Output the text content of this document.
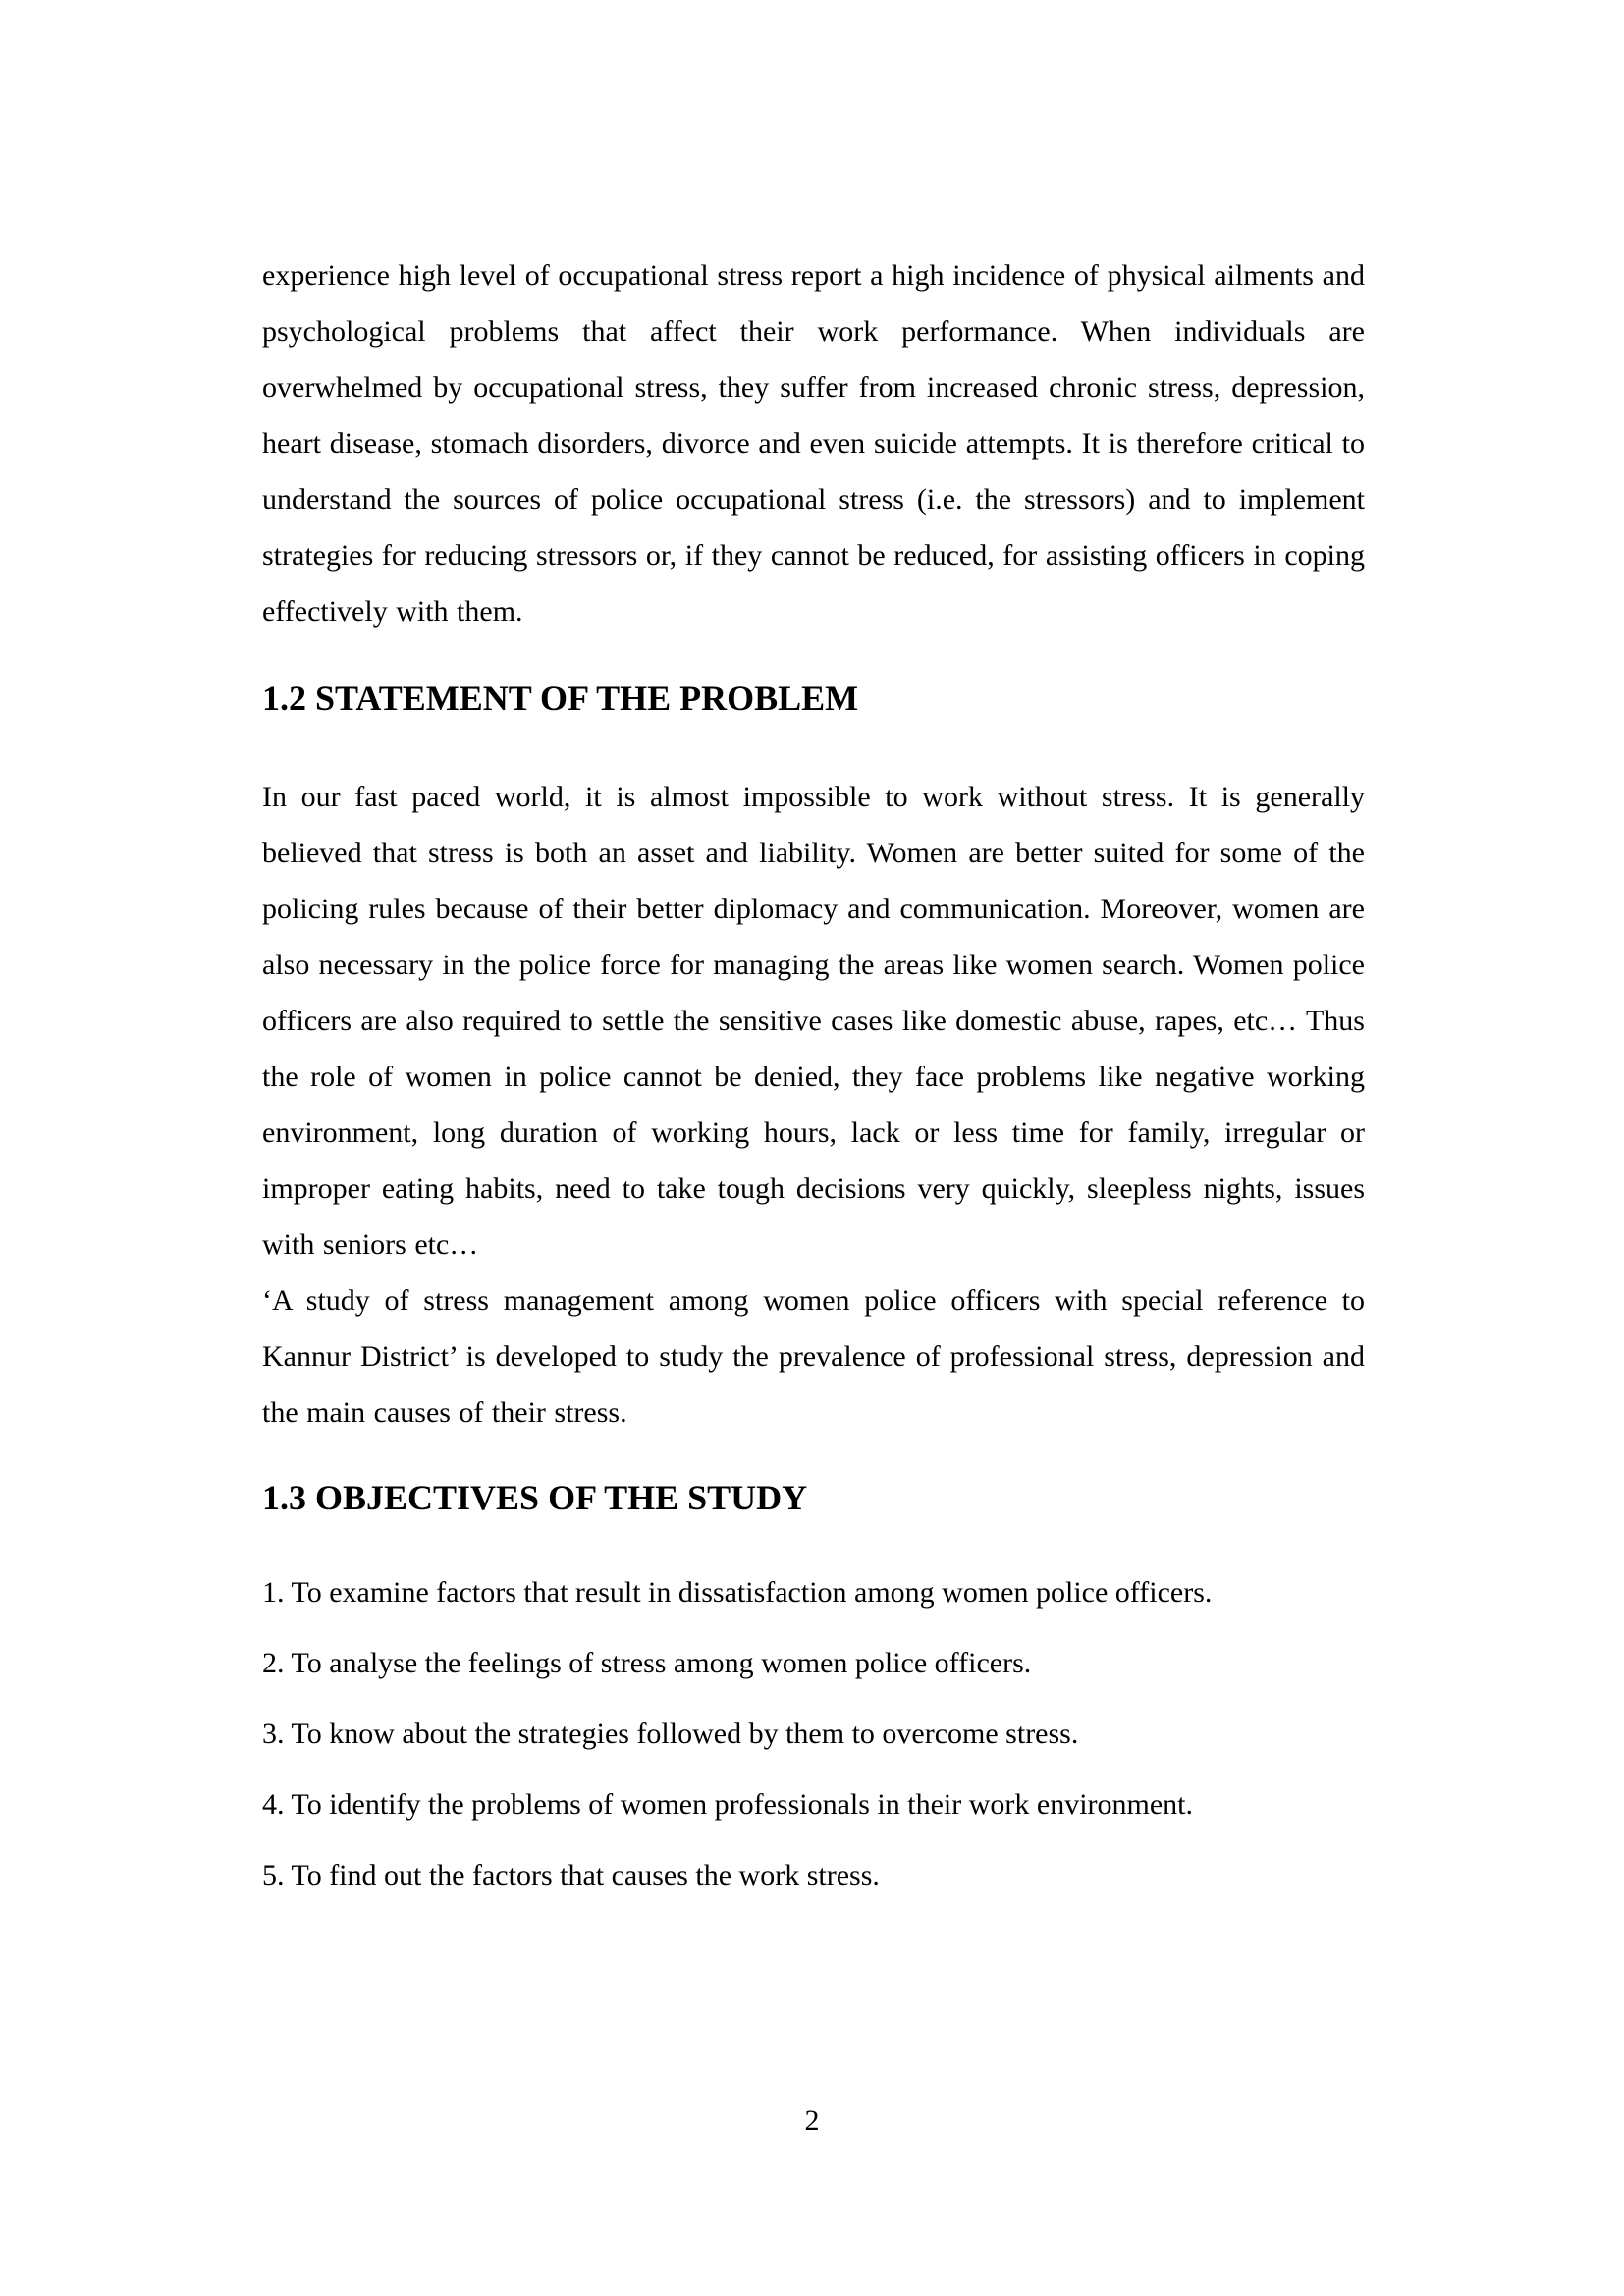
experience high level of occupational stress report a high incidence of physical ailments and psychological problems that affect their work performance. When individuals are overwhelmed by occupational stress, they suffer from increased chronic stress, depression, heart disease, stomach disorders, divorce and even suicide attempts. It is therefore critical to understand the sources of police occupational stress (i.e. the stressors) and to implement strategies for reducing stressors or, if they cannot be reduced, for assisting officers in coping effectively with them.

1.2 STATEMENT OF THE PROBLEM

In our fast paced world, it is almost impossible to work without stress. It is generally believed that stress is both an asset and liability. Women are better suited for some of the policing rules because of their better diplomacy and communication. Moreover, women are also necessary in the police force for managing the areas like women search. Women police officers are also required to settle the sensitive cases like domestic abuse, rapes, etc… Thus the role of women in police cannot be denied, they face problems like negative working environment, long duration of working hours, lack or less time for family, irregular or improper eating habits, need to take tough decisions very quickly, sleepless nights, issues with seniors etc…

‘A study of stress management among women police officers with special reference to Kannur District’ is developed to study the prevalence of professional stress, depression and the main causes of their stress.

1.3 OBJECTIVES OF THE STUDY
1. To examine factors that result in dissatisfaction among women police officers.
2. To analyse the feelings of stress among women police officers.
3. To know about the strategies followed by them to overcome stress.
4. To identify the problems of women professionals in their work environment.
5. To find out the factors that causes the work stress.
2
